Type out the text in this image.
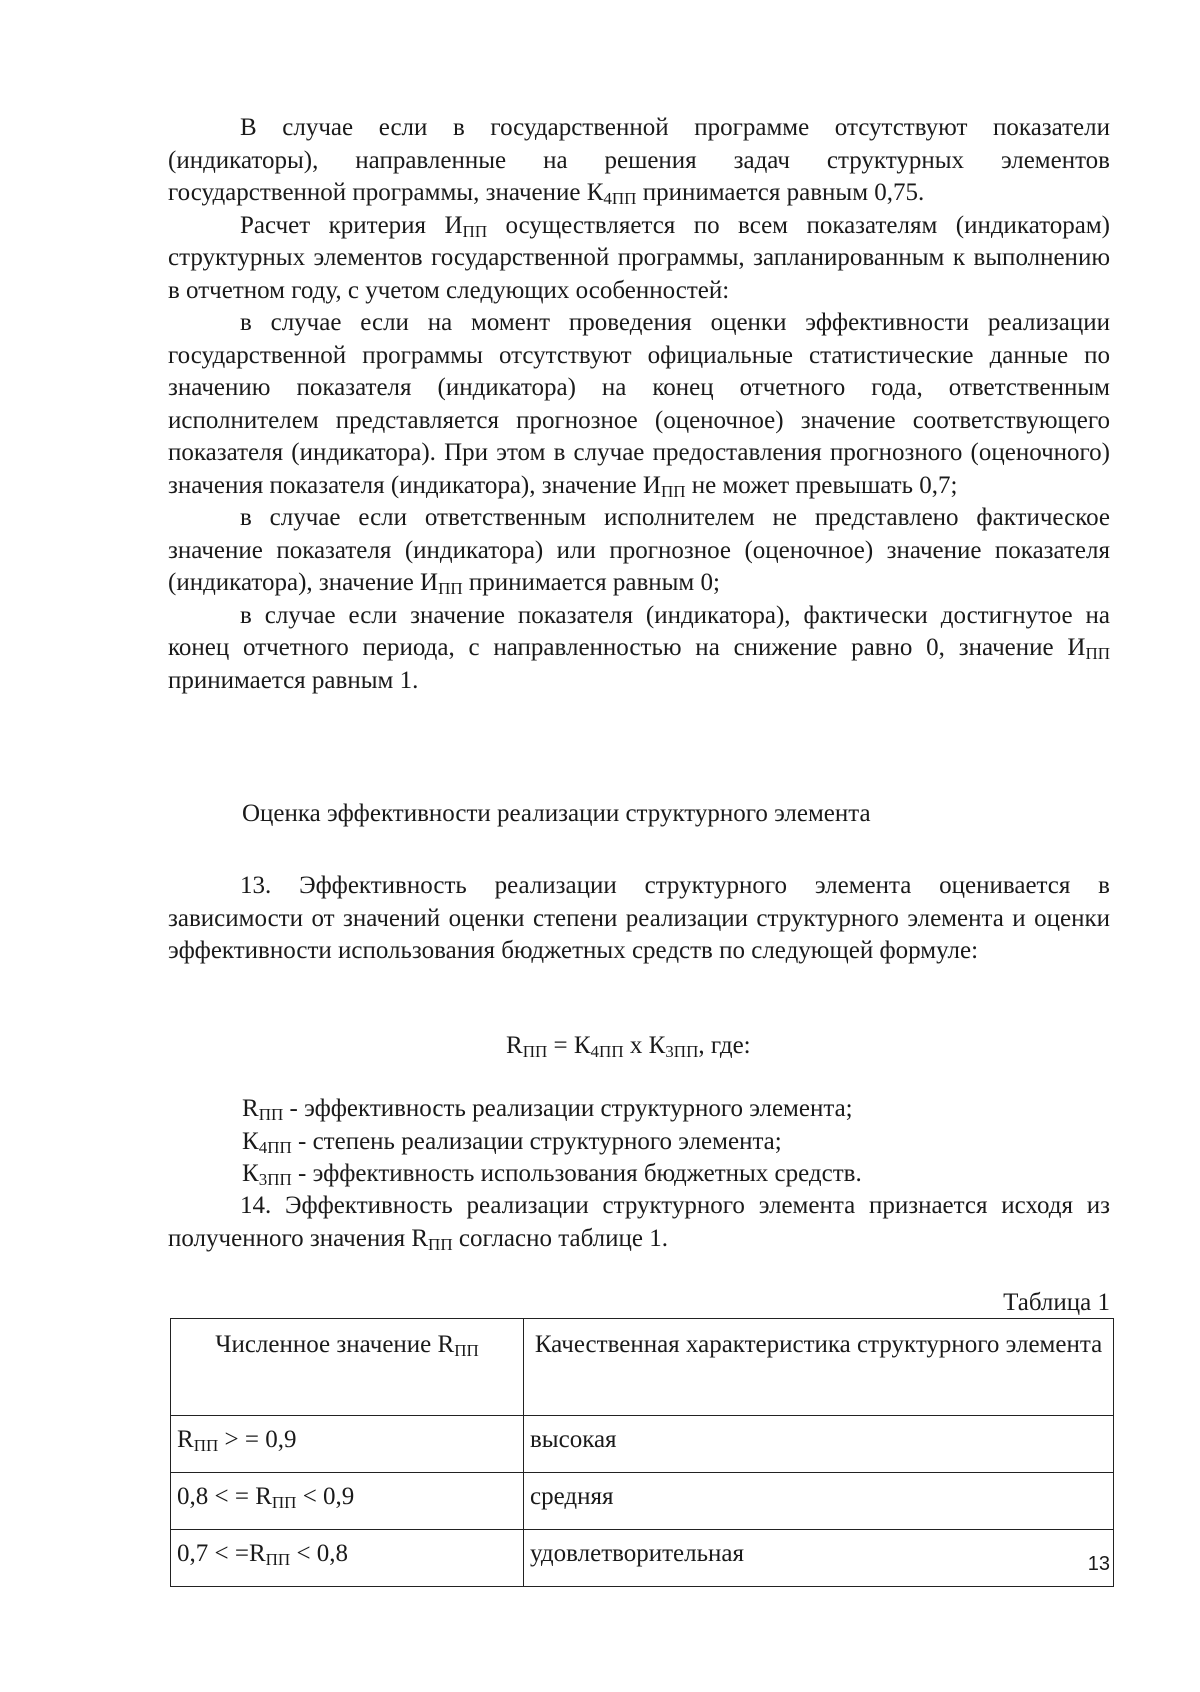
В случае если в государственной программе отсутствуют показатели (индикаторы), направленные на решения задач структурных элементов государственной программы, значение $К_{4ПП}$ принимается равным 0,75.

Расчет критерия $И_{ПП}$ осуществляется по всем показателям (индикаторам) структурных элементов государственной программы, запланированным к выполнению в отчетном году, с учетом следующих особенностей:

в случае если на момент проведения оценки эффективности реализации государственной программы отсутствуют официальные статистические данные по значению показателя (индикатора) на конец отчетного года, ответственным исполнителем представляется прогнозное (оценочное) значение соответствующего показателя (индикатора). При этом в случае предоставления прогнозного (оценочного) значения показателя (индикатора), значение $И_{ПП}$ не может превышать 0,7;

в случае если ответственным исполнителем не представлено фактическое значение показателя (индикатора) или прогнозное (оценочное) значение показателя (индикатора), значение $И_{ПП}$ принимается равным 0;

в случае если значение показателя (индикатора), фактически достигнутое на конец отчетного периода, с направленностью на снижение равно 0, значение $И_{ПП}$ принимается равным 1.

Оценка эффективности реализации структурного элемента

13. Эффективность реализации структурного элемента оценивается в зависимости от значений оценки степени реализации структурного элемента и оценки эффективности использования бюджетных средств по следующей формуле:

$R_{ПП} = К_{4ПП}$ х $К_{3ПП}$, где:

$R_{ПП}$ - эффективность реализации структурного элемента;

$К_{4ПП}$ - степень реализации структурного элемента;

$К_{3ПП}$ - эффективность использования бюджетных средств.

14. Эффективность реализации структурного элемента признается исходя из полученного значения $R_{ПП}$ согласно таблице 1.

Таблица 1
Численное значение $R_{ПП}$	Качественная характеристика структурного элемента
$R_{ПП}$ > = 0,9	высокая
0,8 < = $R_{ПП} < 0,9$	средняя
$0,7 < =R_{ПП} < 0,8$	удовлетворительная	13
